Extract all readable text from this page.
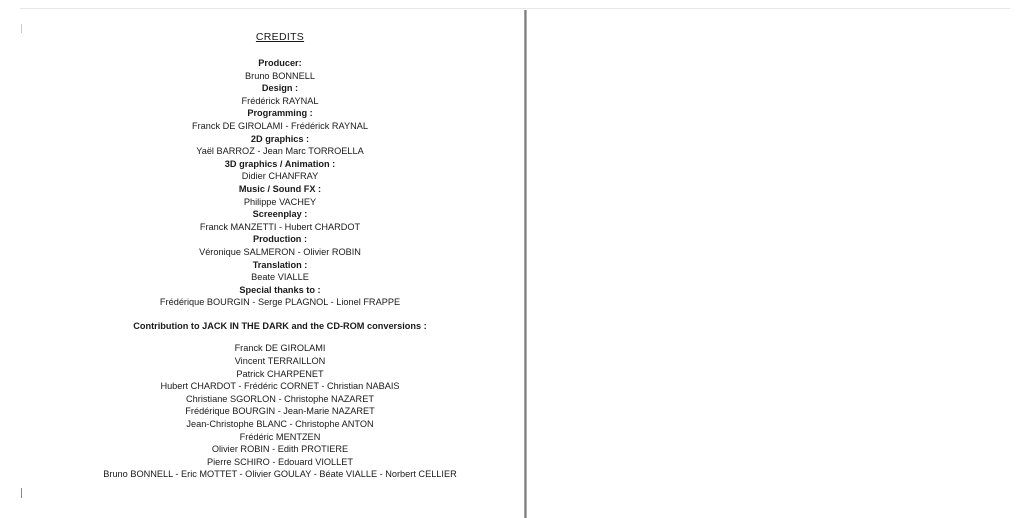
CREDITS
Producer:
Bruno BONNELL
Design :
Frédérick RAYNAL
Programming :
Franck DE GIROLAMI - Frédérick RAYNAL
2D graphics :
Yaël BARROZ - Jean Marc TORROELLA
3D graphics / Animation :
Didier CHANFRAY
Music / Sound FX :
Philippe VACHEY
Screenplay :
Franck MANZETTI - Hubert CHARDOT
Production :
Véronique SALMERON - Olivier ROBIN
Translation :
Beate VIALLE
Special thanks to :
Frédérique BOURGIN - Serge PLAGNOL - Lionel FRAPPE
Contribution to JACK IN THE DARK and the CD-ROM conversions :
Franck DE GIROLAMI
Vincent TERRAILLON
Patrick CHARPENET
Hubert CHARDOT - Frédéric CORNET - Christian NABAIS
Christiane SGORLON - Christophe NAZARET
Frédérique BOURGIN - Jean-Marie NAZARET
Jean-Christophe BLANC - Christophe ANTON
Frédéric MENTZEN
Olivier ROBIN - Edith PROTIERE
Pierre SCHIRO - Edouard VIOLLET
Bruno BONNELL - Eric MOTTET - Olivier GOULAY - Béate VIALLE - Norbert CELLIER
